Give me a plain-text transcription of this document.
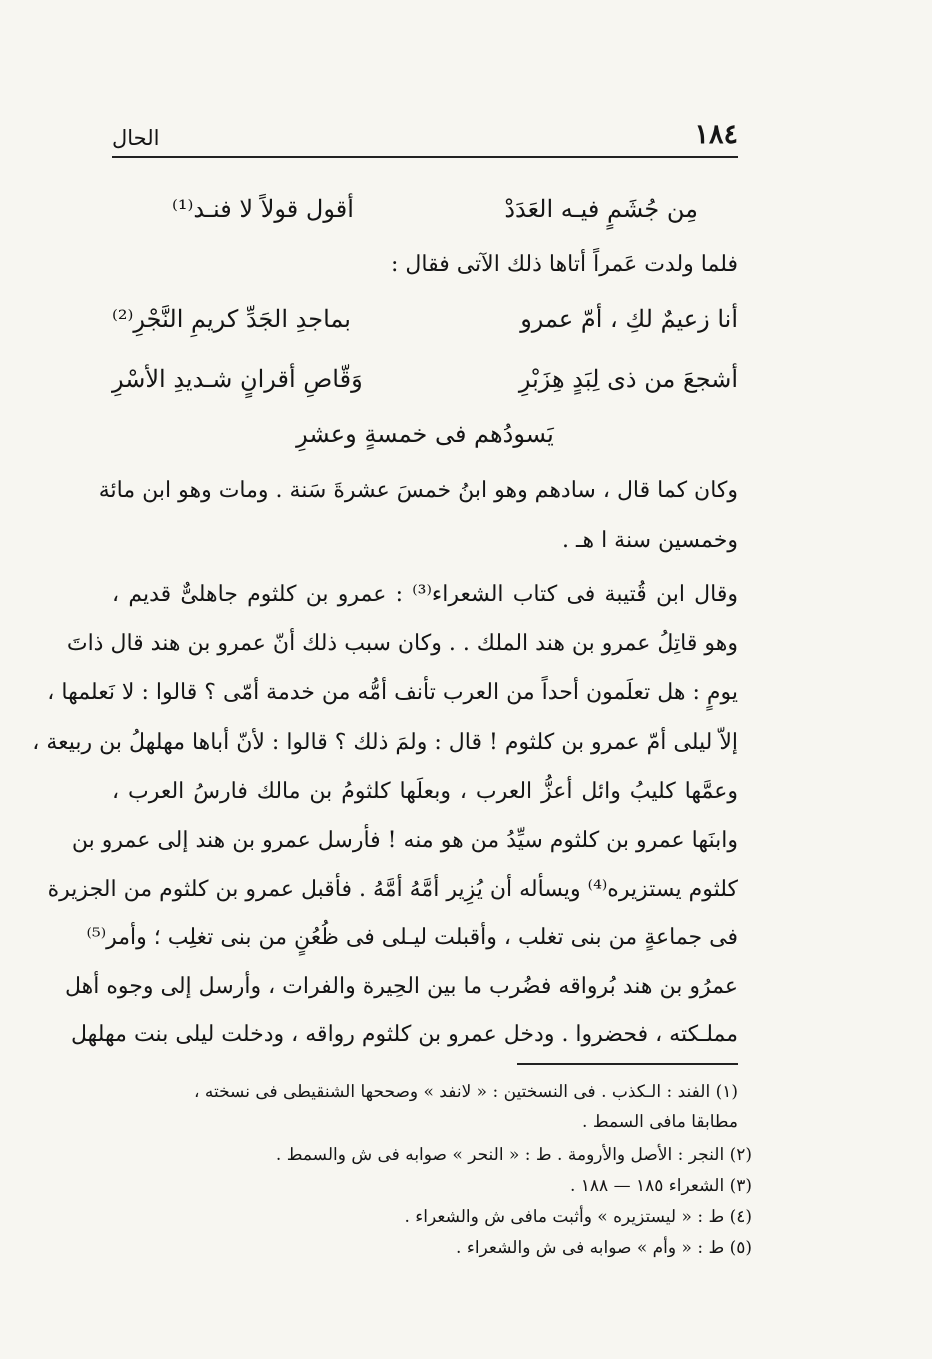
١٨٤
الحال
مِن جُشَمٍ فيـه العَدَدْ
أقول قولاً لا فنـد⁽¹⁾
فلما ولدت عَمراً أتاها ذلك الآتى فقال :
أنا زعيمٌ لكِ ، أمّ عمرو
بماجدِ الجَدِّ كريمِ النَّجْرِ⁽²⁾
أشجعَ من ذى لِبَدٍ هِزَبْرِ
وَقّاصِ أقرانٍ شـديدِ الأسْرِ
يَسودُهم فى خمسةٍ وعشرِ
وكان كما قال ، سادهم وهو ابنُ خمسَ عشرةَ سَنة . ومات وهو ابن مائة
وخمسين سنة ا هـ .
وقال ابن قُتيبة فى كتاب الشعراء⁽³⁾ : عمرو بن كلثوم جاهلىٌّ قديم ،
وهو قاتِلُ عمرو بن هند الملك . . وكان سبب ذلك أنّ عمرو بن هند قال ذاتَ
يومٍ : هل تعلَمون أحداً من العرب تأنف أمُّه من خدمة أمّى ؟ قالوا : لا نَعلمها ،
إلاّ ليلى أمّ عمرو بن كلثوم ! قال : ولمَ ذلك ؟ قالوا : لأنّ أباها مهلهلُ بن ربيعة ،
وعمَّها كليبُ وائل أعزُّ العرب ، وبعلَها كلثومُ بن مالك فارسُ العرب ،
وابنَها عمرو بن كلثوم سيِّدُ من هو منه ! فأرسل عمرو بن هند إلى عمرو بن
كلثوم يستزيره⁽⁴⁾ ويسأله أن يُزِير أمَّهُ أمَّهُ . فأقبل عمرو بن كلثوم من الجزيرة
فى جماعةٍ من بنى تغلب ، وأقبلت ليـلى فى ظُعُنٍ من بنى تغلِب ؛ وأمر⁽⁵⁾
عمرُو بن هند بُرواقه فضُرب ما بين الحِيرة والفرات ، وأرسل إلى وجوه أهل
مملـكته ، فحضروا . ودخل عمرو بن كلثوم رواقه ، ودخلت ليلى بنت مهلهل
(١) الفند : الـكذب . فى النسختين : « لانفد » وصححها الشنقيطى فى نسخته ،
مطابقا مافى السمط .
(٢) النجر : الأصل والأرومة . ط : « النحر » صوابه فى ش والسمط .
(٣) الشعراء ١٨٥ — ١٨٨ .
(٤) ط : « ليستزيره » وأثبت مافى ش والشعراء .
(٥) ط : « وأم » صوابه فى ش والشعراء .
